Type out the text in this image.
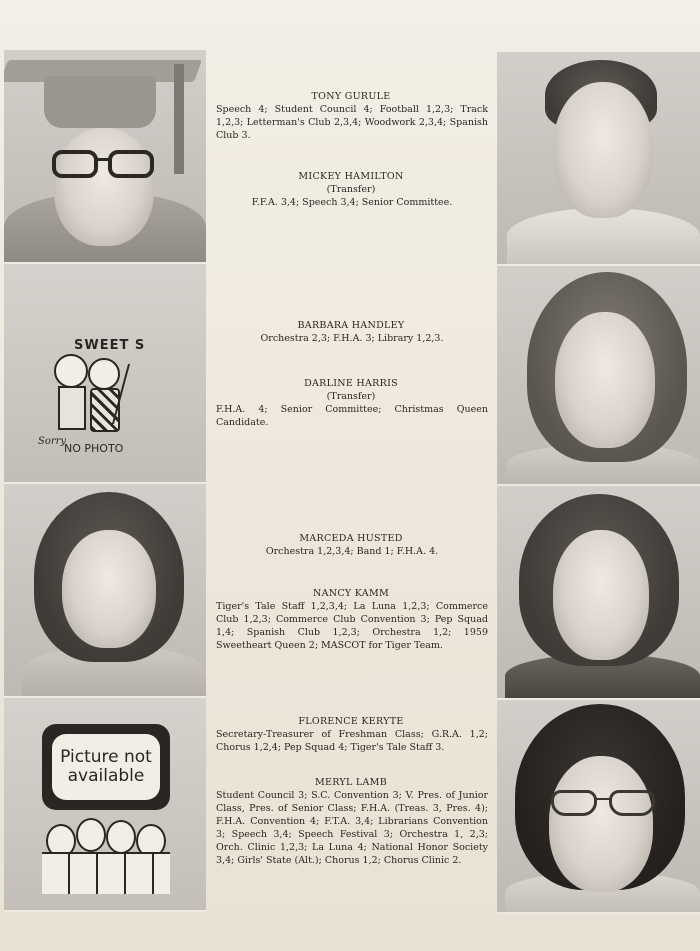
SWEET S
Sorry
NO PHOTO
Picture not available
TONY GURULE
Speech 4; Student Council 4; Football 1,2,3; Track 1,2,3; Letterman's Club 2,3,4; Woodwork 2,3,4; Spanish Club 3.
MICKEY HAMILTON
(Transfer)
F.F.A. 3,4; Speech 3,4; Senior Committee.
BARBARA HANDLEY
Orchestra 2,3; F.H.A. 3; Library 1,2,3.
DARLINE HARRIS
(Transfer)
F.H.A. 4; Senior Committee; Christmas Queen Candidate.
MARCEDA HUSTED
Orchestra 1,2,3,4; Band 1; F.H.A. 4.
NANCY KAMM
Tiger's Tale Staff 1,2,3,4; La Luna 1,2,3; Commerce Club 1,2,3; Commerce Club Convention 3; Pep Squad 1,4; Spanish Club 1,2,3; Orchestra 1,2; 1959 Sweetheart Queen 2; MASCOT for Tiger Team.
FLORENCE KERYTE
Secretary-Treasurer of Freshman Class; G.R.A. 1,2; Chorus 1,2,4; Pep Squad 4; Tiger's Tale Staff 3.
MERYL LAMB
Student Council 3; S.C. Convention 3; V. Pres. of Junior Class, Pres. of Senior Class; F.H.A. (Treas. 3, Pres. 4); F.H.A. Convention 4; F.T.A. 3,4; Librarians Convention 3; Speech 3,4; Speech Festival 3; Orchestra 1, 2,3; Orch. Clinic 1,2,3; La Luna 4; National Honor Society 3,4; Girls' State (Alt.); Chorus 1,2; Chorus Clinic 2.
